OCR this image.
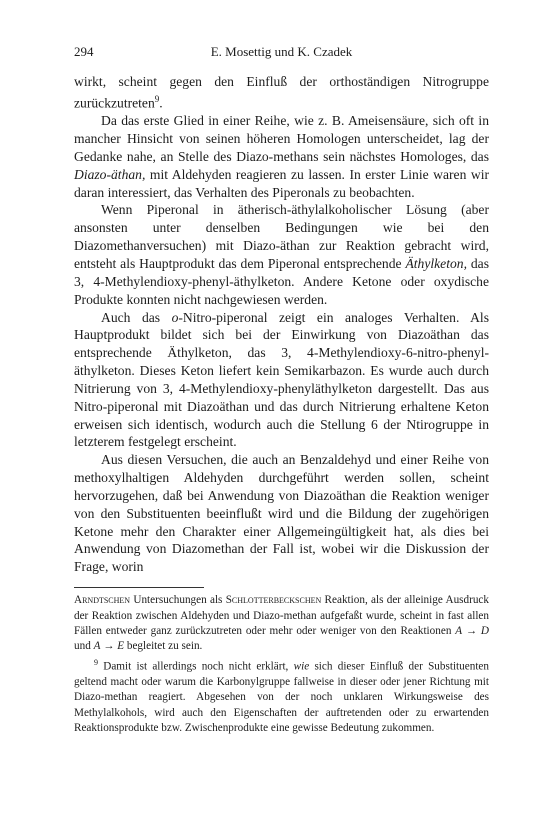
294	E. Mosettig und K. Czadek

wirkt, scheint gegen den Einfluß der orthoständigen Nitrogruppe zurückzutreten$^9$.

Da das erste Glied in einer Reihe, wie z. B. Ameisensäure, sich oft in mancher Hinsicht von seinen höheren Homologen unterscheidet, lag der Gedanke nahe, an Stelle des Diazo-methans sein nächstes Homologes, das Diazo-äthan, mit Aldehyden reagieren zu lassen. In erster Linie waren wir daran interessiert, das Verhalten des Piperonals zu beobachten.

Wenn Piperonal in ätherisch-äthylalkoholischer Lösung (aber ansonsten unter denselben Bedingungen wie bei den Diazomethanversuchen) mit Diazo-äthan zur Reaktion gebracht wird, entsteht als Hauptprodukt das dem Piperonal entsprechende Äthylketon, das 3, 4-Methylendioxy-phenyl-äthylketon. Andere Ketone oder oxydische Produkte konnten nicht nachgewiesen werden.

Auch das o-Nitro-piperonal zeigt ein analoges Verhalten. Als Hauptprodukt bildet sich bei der Einwirkung von Diazoäthan das entsprechende Äthylketon, das 3, 4-Methylendioxy-6-nitro-phenyl-äthylketon. Dieses Keton liefert kein Semikarbazon. Es wurde auch durch Nitrierung von 3, 4-Methylendioxy-phenyläthylketon dargestellt. Das aus Nitro-piperonal mit Diazoäthan und das durch Nitrierung erhaltene Keton erweisen sich identisch, wodurch auch die Stellung 6 der Ntirogruppe in letzterem festgelegt erscheint.

Aus diesen Versuchen, die auch an Benzaldehyd und einer Reihe von methoxylhaltigen Aldehyden durchgeführt werden sollen, scheint hervorzugehen, daß bei Anwendung von Diazoäthan die Reaktion weniger von den Substituenten beeinflußt wird und die Bildung der zugehörigen Ketone mehr den Charakter einer Allgemeingültigkeit hat, als dies bei Anwendung von Diazomethan der Fall ist, wobei wir die Diskussion der Frage, worin

Arndtschen Untersuchungen als Schlotterbeckschen Reaktion, als der alleinige Ausdruck der Reaktion zwischen Aldehyden und Diazo-methan aufgefaßt wurde, scheint in fast allen Fällen entweder ganz zurückzutreten oder mehr oder weniger von den Reaktionen A → D und A → E begleitet zu sein.

$^9$ Damit ist allerdings noch nicht erklärt, wie sich dieser Einfluß der Substituenten geltend macht oder warum die Karbonylgruppe fallweise in dieser oder jener Richtung mit Diazo-methan reagiert. Abgesehen von der noch unklaren Wirkungsweise des Methylalkohols, wird auch den Eigenschaften der auftretenden oder zu erwartenden Reaktionsprodukte bzw. Zwischenprodukte eine gewisse Bedeutung zukommen.
